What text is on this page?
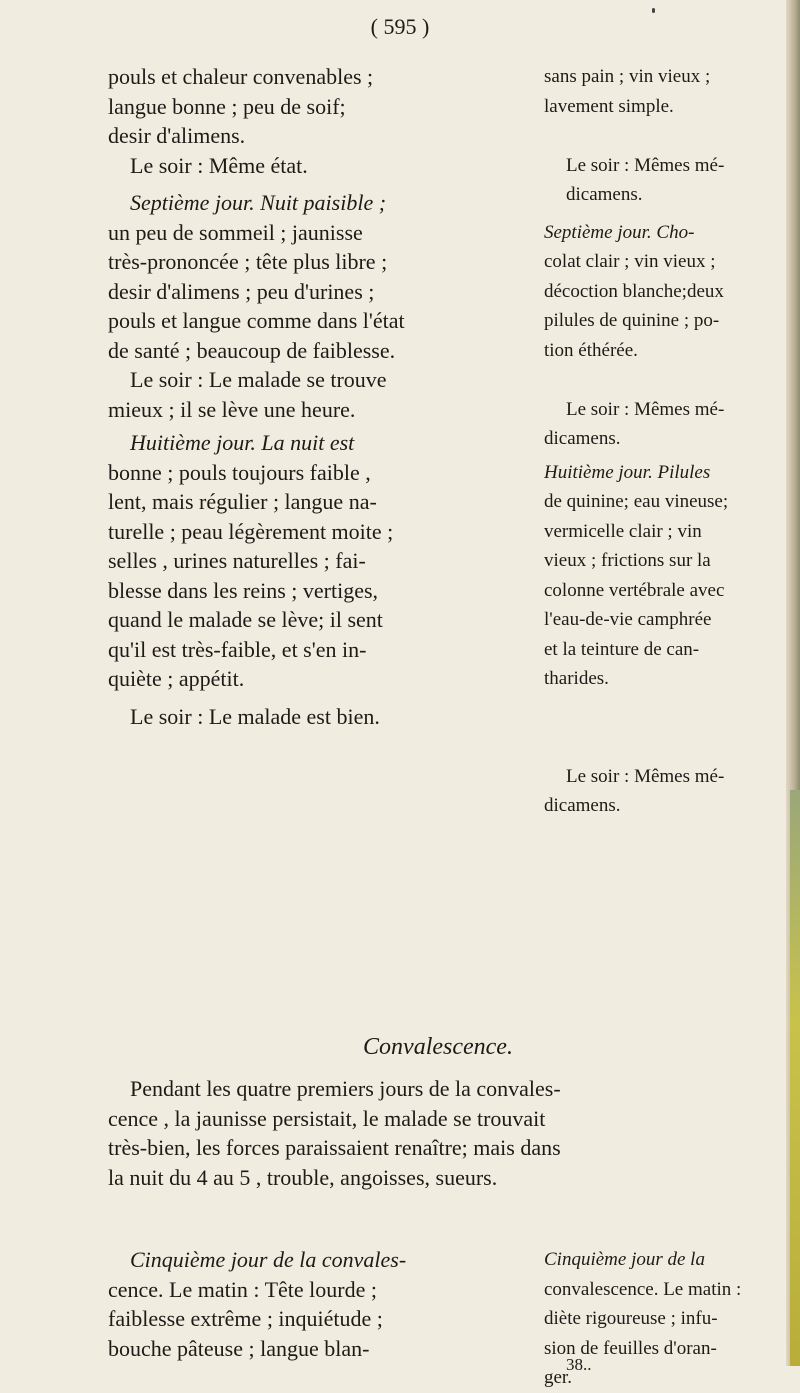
( 595 )
pouls et chaleur convenables ;
langue bonne ; peu de soif;
desir d'alimens.
Le soir : Même état.
Septième jour. Nuit paisible ;
un peu de sommeil ; jaunisse
très-prononcée ; tête plus libre ;
desir d'alimens ; peu d'urines ;
pouls et langue comme dans l'état
de santé ; beaucoup de faiblesse.
Le soir : Le malade se trouve
mieux ; il se lève une heure.
Huitième jour. La nuit est
bonne ; pouls toujours faible ,
lent, mais régulier ; langue na-
turelle ; peau légèrement moite ;
selles , urines naturelles ; fai-
blesse dans les reins ; vertiges,
quand le malade se lève; il sent
qu'il est très-faible, et s'en in-
quiète ; appétit.
Le soir : Le malade est bien.
sans pain ; vin vieux ;
lavement simple.
Le soir : Mêmes mé-
dicamens.
Septième jour. Cho-
colat clair ; vin vieux ;
décoction blanche;deux
pilules de quinine ; po-
tion éthérée.
Le soir : Mêmes mé-
dicamens.
Huitième jour. Pilules
de quinine; eau vineuse;
vermicelle clair ; vin
vieux ; frictions sur la
colonne vertébrale avec
l'eau-de-vie camphrée
et la teinture de can-
tharides.
Le soir : Mêmes mé-
dicamens.
Convalescence.
Pendant les quatre premiers jours de la convales-
cence , la jaunisse persistait, le malade se trouvait
très-bien, les forces paraissaient renaître; mais dans
la nuit du 4 au 5 , trouble, angoisses, sueurs.
Cinquième jour de la convales-
cence. Le matin : Tête lourde ;
faiblesse extrême ; inquiétude ;
bouche pâteuse ; langue blan-
Cinquième jour de la
convalescence. Le matin :
diète rigoureuse ; infu-
sion de feuilles d'oran-
ger.
38..
